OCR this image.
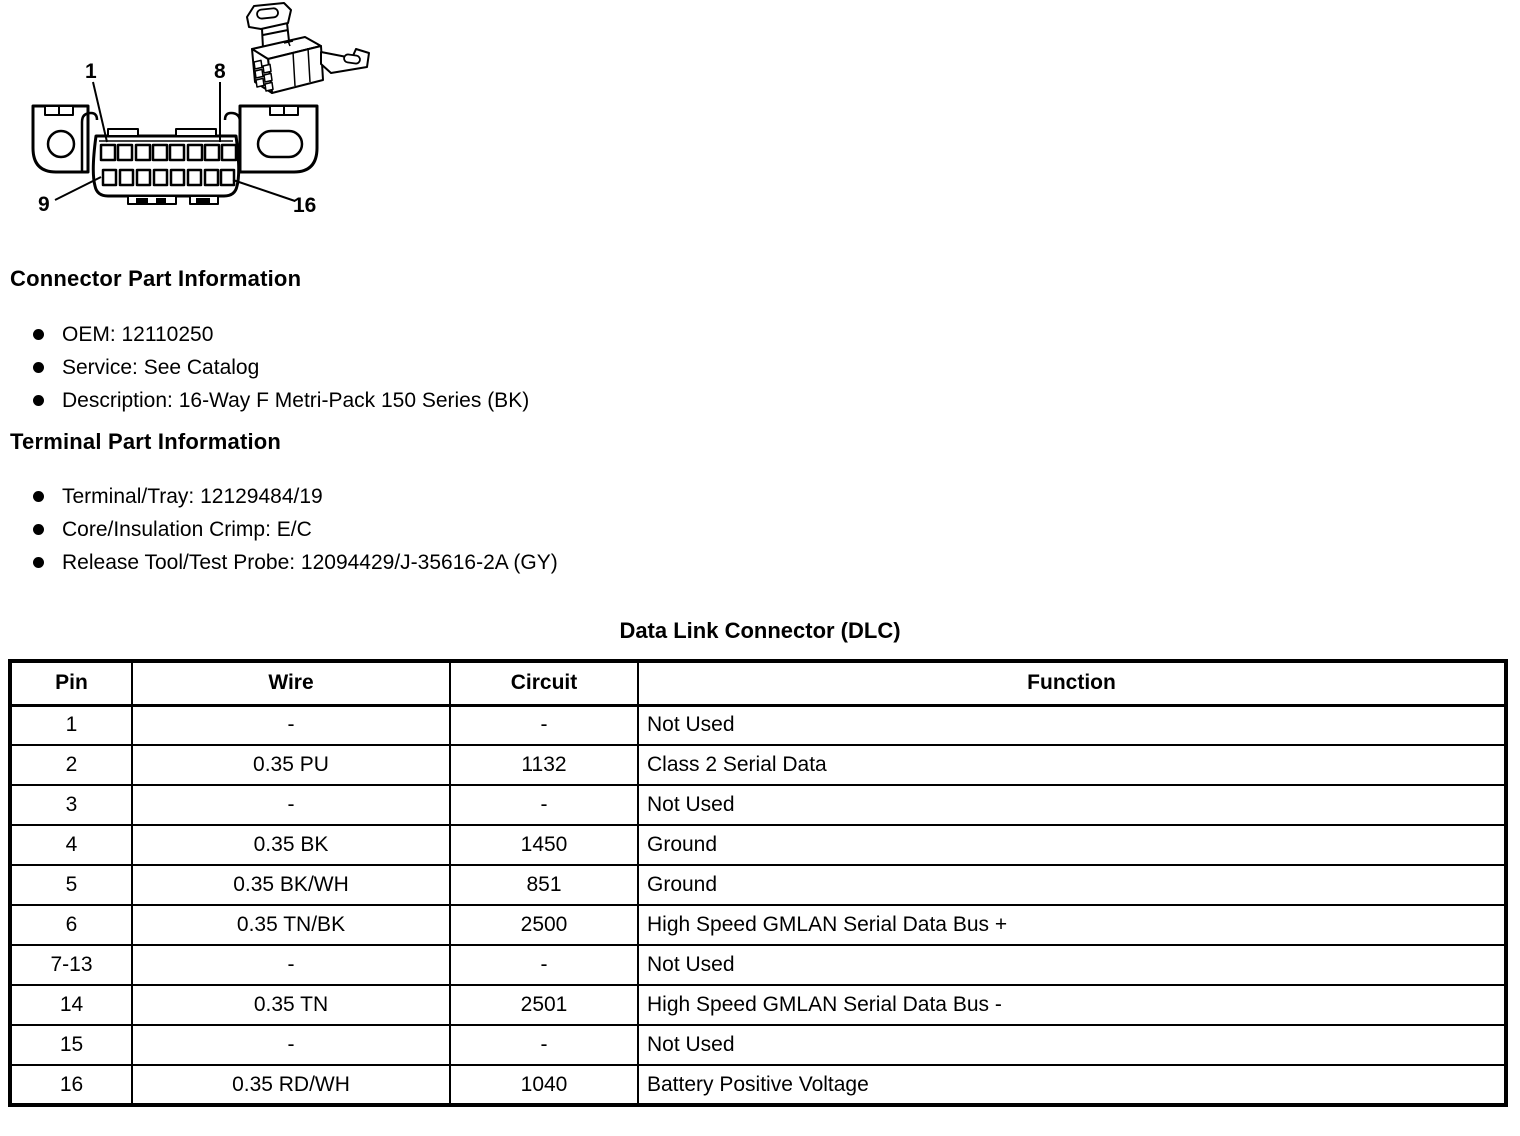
1	8
9	16
Connector Part Information
OEM: 12110250
Service: See Catalog
Description: 16-Way F Metri-Pack 150 Series (BK)
Terminal Part Information
Terminal/Tray: 12129484/19
Core/Insulation Crimp: E/C
Release Tool/Test Probe: 12094429/J-35616-2A (GY)
Data Link Connector (DLC)
Pin	Wire	Circuit	Function
1	-	-	Not Used
2	0.35 PU	1132	Class 2 Serial Data
3	-	-	Not Used
4	0.35 BK	1450	Ground
5	0.35 BK/WH	851	Ground
6	0.35 TN/BK	2500	High Speed GMLAN Serial Data Bus +
7-13	-	-	Not Used
14	0.35 TN	2501	High Speed GMLAN Serial Data Bus -
15	-	-	Not Used
16	0.35 RD/WH	1040	Battery Positive Voltage
